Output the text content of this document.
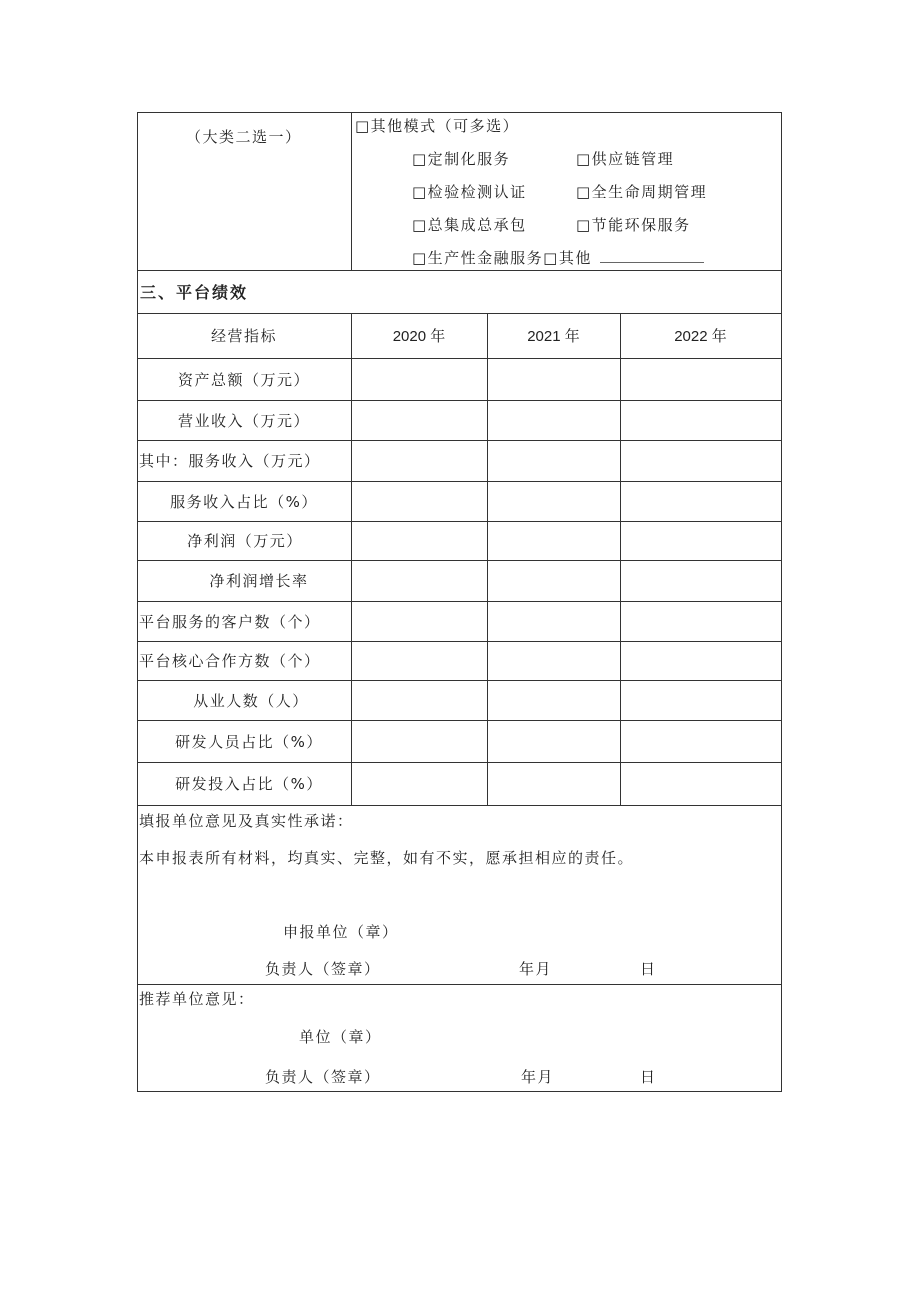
（大类二选一）
□其他模式（可多选）
□定制化服务	□供应链管理
□检验检测认证	□全生命周期管理
□总集成总承包	□节能环保服务
□生产性金融服务□其他
三、平台绩效
经营指标	2020 年	2021 年	2022 年
资产总额（万元）
营业收入（万元）
其中：服务收入（万元）
服务收入占比（%）
净利润（万元）
净利润增长率
平台服务的客户数（个）
平台核心合作方数（个）
从业人数（人）
研发人员占比（%）
研发投入占比（%）
填报单位意见及真实性承诺：
本申报表所有材料，均真实、完整，如有不实，愿承担相应的责任。
申报单位（章）
负责人（签章）	年月	日
推荐单位意见：
单位（章）
负责人（签章）	年月	日
